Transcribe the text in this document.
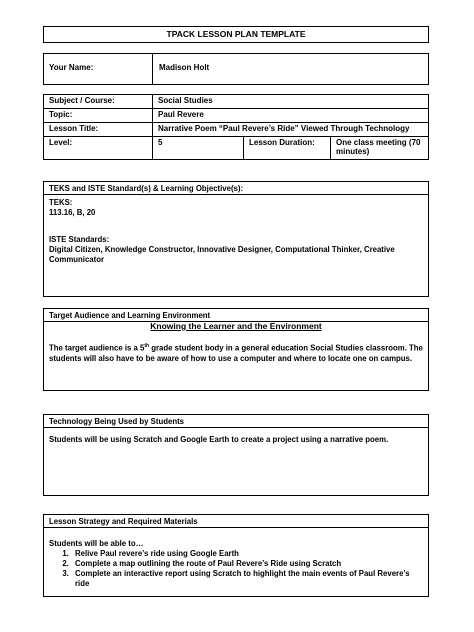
TPACK LESSON PLAN TEMPLATE
Your Name:	Madison Holt
Subject / Course:	Social Studies		
Topic:	Paul Revere		
Lesson Title:	Narrative Poem “Paul Revere’s Ride” Viewed Through Technology		
Level:	5	Lesson Duration:	One class meeting (70 minutes)
TEKS and ISTE Standard(s) & Learning Objective(s):
TEKS:
113.16, B, 20
ISTE Standards:
Digital Citizen, Knowledge Constructor, Innovative Designer, Computational Thinker, Creative Communicator
Target Audience and Learning Environment
Knowing the Learner and the Environment
The target audience is a 5th grade student body in a general education Social Studies classroom. The students will also have to be aware of how to use a computer and where to locate one on campus.
Technology Being Used by Students
Students will be using Scratch and Google Earth to create a project using a narrative poem.
Lesson Strategy and Required Materials
Students will be able to…
1. Relive Paul revere’s ride using Google Earth
2. Complete a map outlining the route of Paul Revere’s Ride using Scratch
3. Complete an interactive report using Scratch to highlight the main events of Paul Revere’s ride
